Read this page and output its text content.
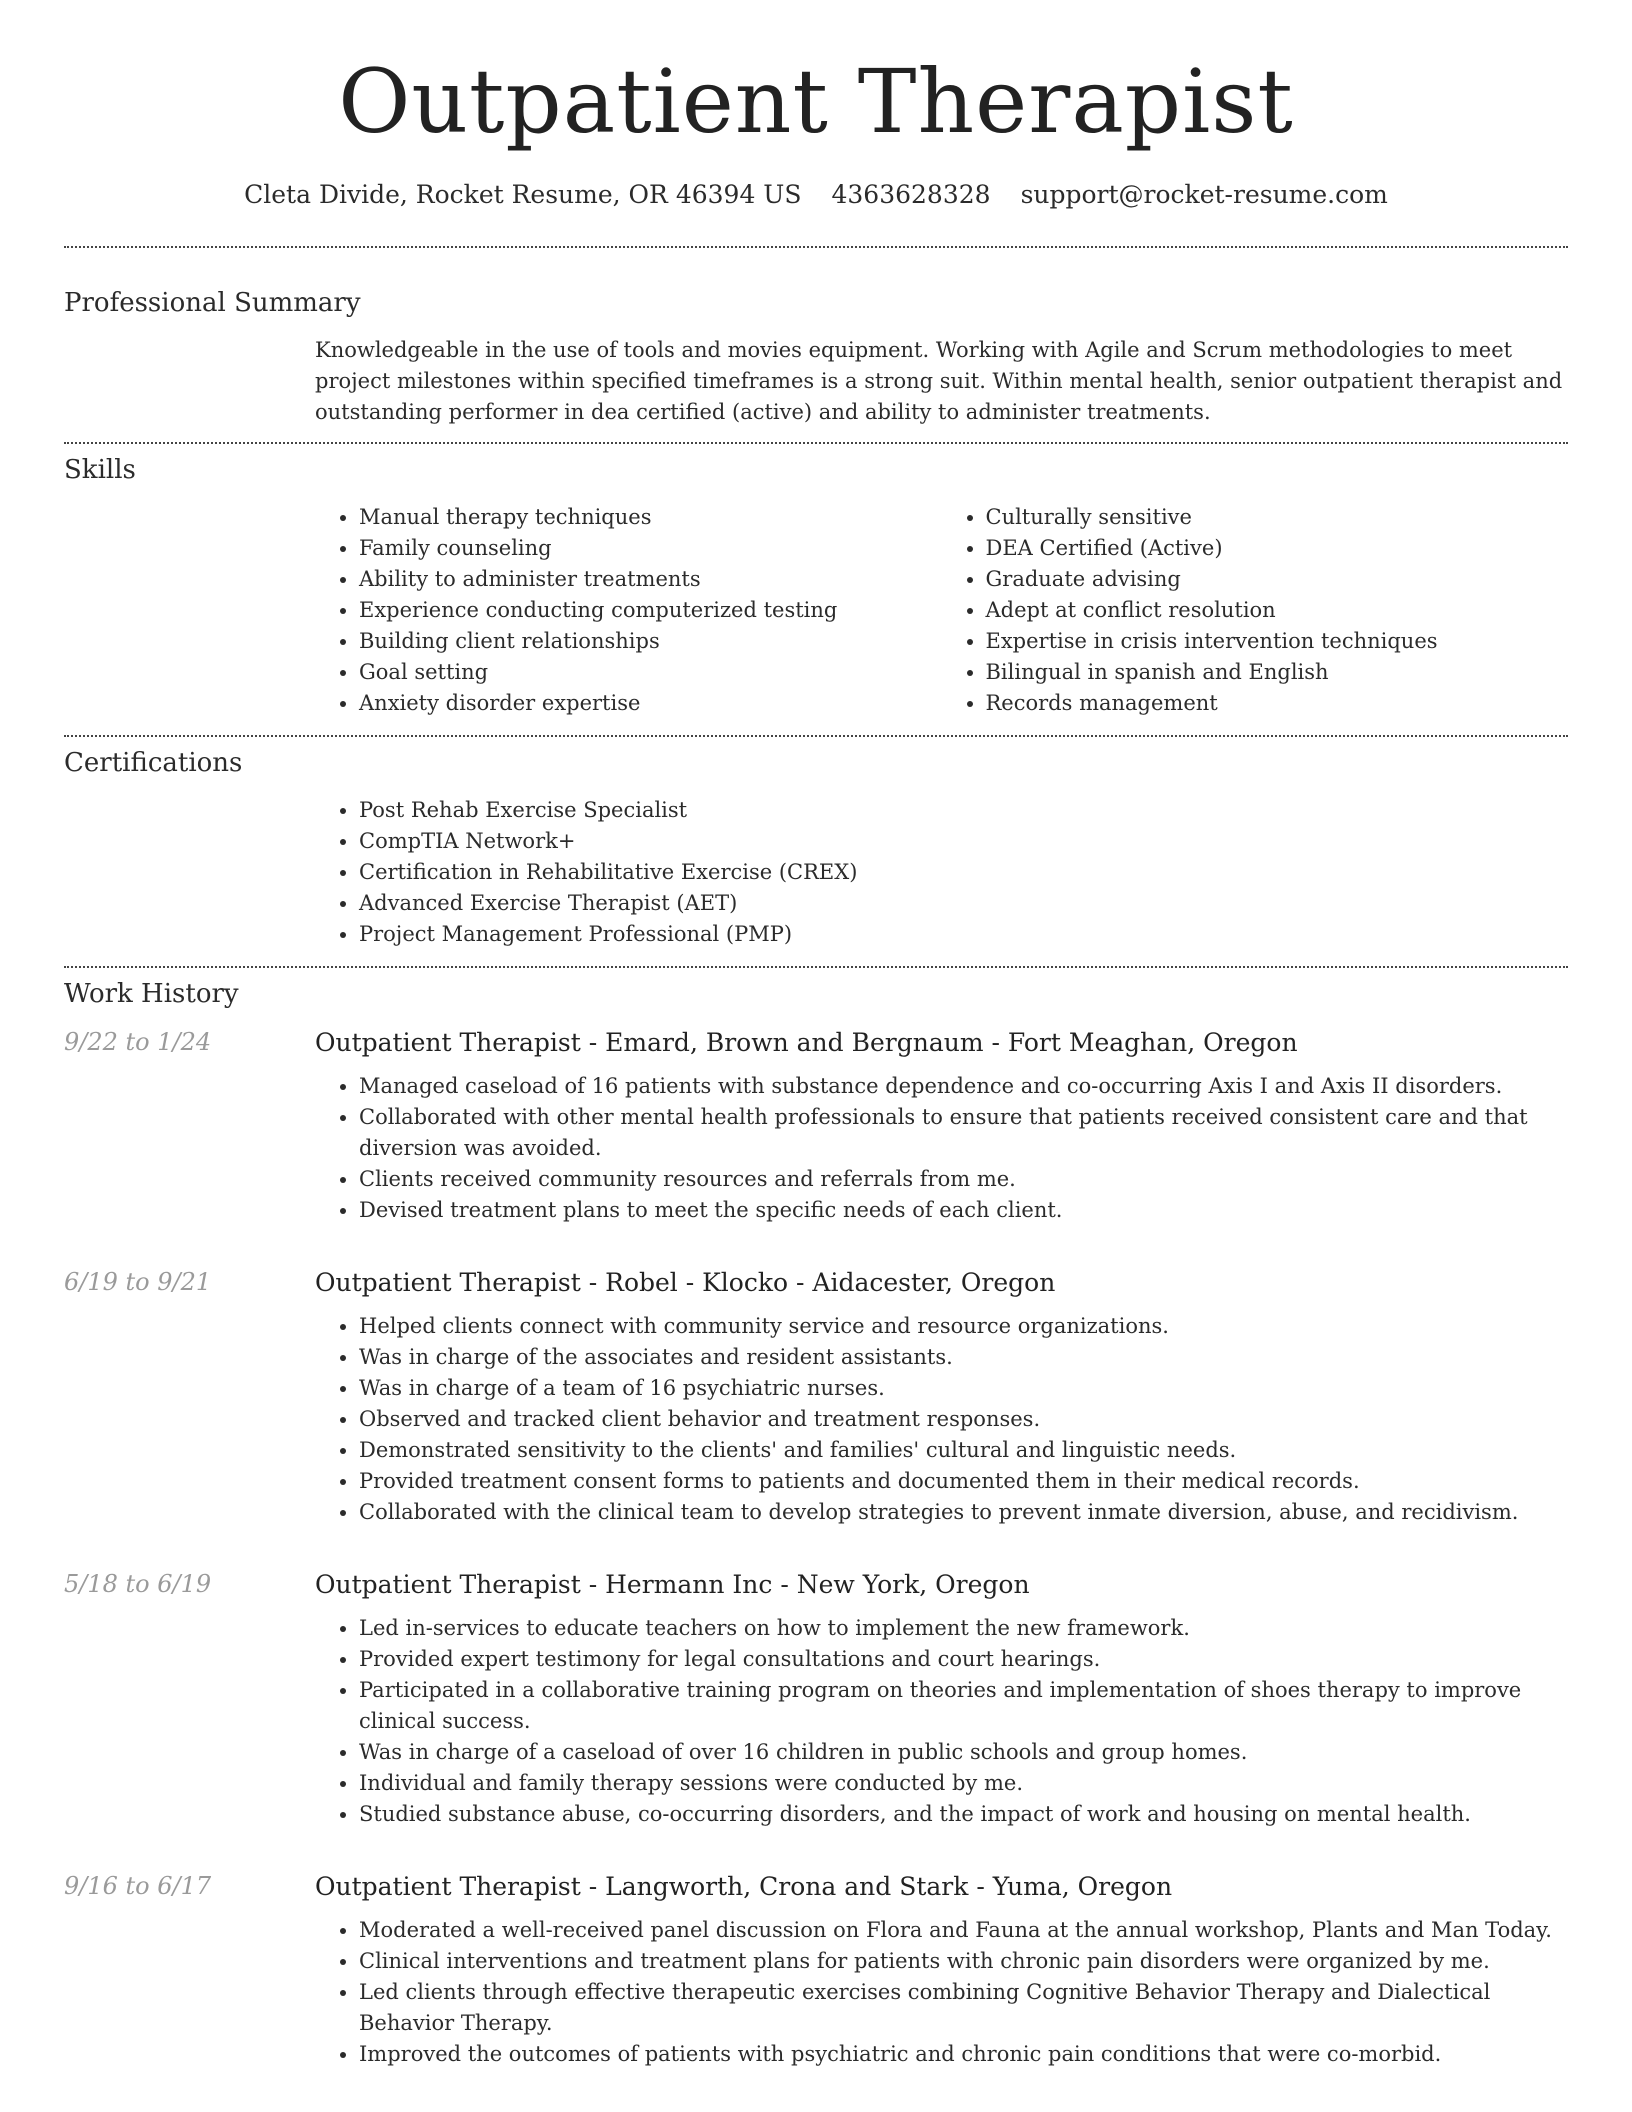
Outpatient Therapist
Cleta Divide, Rocket Resume, OR 46394 US 4363628328 support@rocket-resume.com
Professional Summary
Knowledgeable in the use of tools and movies equipment. Working with Agile and Scrum methodologies to meet project milestones within specified timeframes is a strong suit. Within mental health, senior outpatient therapist and outstanding performer in dea certified (active) and ability to administer treatments.
Skills
• Manual therapy techniques
• Family counseling
• Ability to administer treatments
• Experience conducting computerized testing
• Building client relationships
• Goal setting
• Anxiety disorder expertise
• Culturally sensitive
• DEA Certified (Active)
• Graduate advising
• Adept at conflict resolution
• Expertise in crisis intervention techniques
• Bilingual in spanish and English
• Records management
Certifications
• Post Rehab Exercise Specialist
• CompTIA Network+
• Certification in Rehabilitative Exercise (CREX)
• Advanced Exercise Therapist (AET)
• Project Management Professional (PMP)
Work History
9/22 to 1/24	Outpatient Therapist - Emard, Brown and Bergnaum - Fort Meaghan, Oregon
• Managed caseload of 16 patients with substance dependence and co-occurring Axis I and Axis II disorders.
• Collaborated with other mental health professionals to ensure that patients received consistent care and that diversion was avoided.
• Clients received community resources and referrals from me.
• Devised treatment plans to meet the specific needs of each client.
6/19 to 9/21	Outpatient Therapist - Robel - Klocko - Aidacester, Oregon
• Helped clients connect with community service and resource organizations.
• Was in charge of the associates and resident assistants.
• Was in charge of a team of 16 psychiatric nurses.
• Observed and tracked client behavior and treatment responses.
• Demonstrated sensitivity to the clients' and families' cultural and linguistic needs.
• Provided treatment consent forms to patients and documented them in their medical records.
• Collaborated with the clinical team to develop strategies to prevent inmate diversion, abuse, and recidivism.
5/18 to 6/19	Outpatient Therapist - Hermann Inc - New York, Oregon
• Led in-services to educate teachers on how to implement the new framework.
• Provided expert testimony for legal consultations and court hearings.
• Participated in a collaborative training program on theories and implementation of shoes therapy to improve clinical success.
• Was in charge of a caseload of over 16 children in public schools and group homes.
• Individual and family therapy sessions were conducted by me.
• Studied substance abuse, co-occurring disorders, and the impact of work and housing on mental health.
9/16 to 6/17	Outpatient Therapist - Langworth, Crona and Stark - Yuma, Oregon
• Moderated a well-received panel discussion on Flora and Fauna at the annual workshop, Plants and Man Today.
• Clinical interventions and treatment plans for patients with chronic pain disorders were organized by me.
• Led clients through effective therapeutic exercises combining Cognitive Behavior Therapy and Dialectical Behavior Therapy.
• Improved the outcomes of patients with psychiatric and chronic pain conditions that were co-morbid.
